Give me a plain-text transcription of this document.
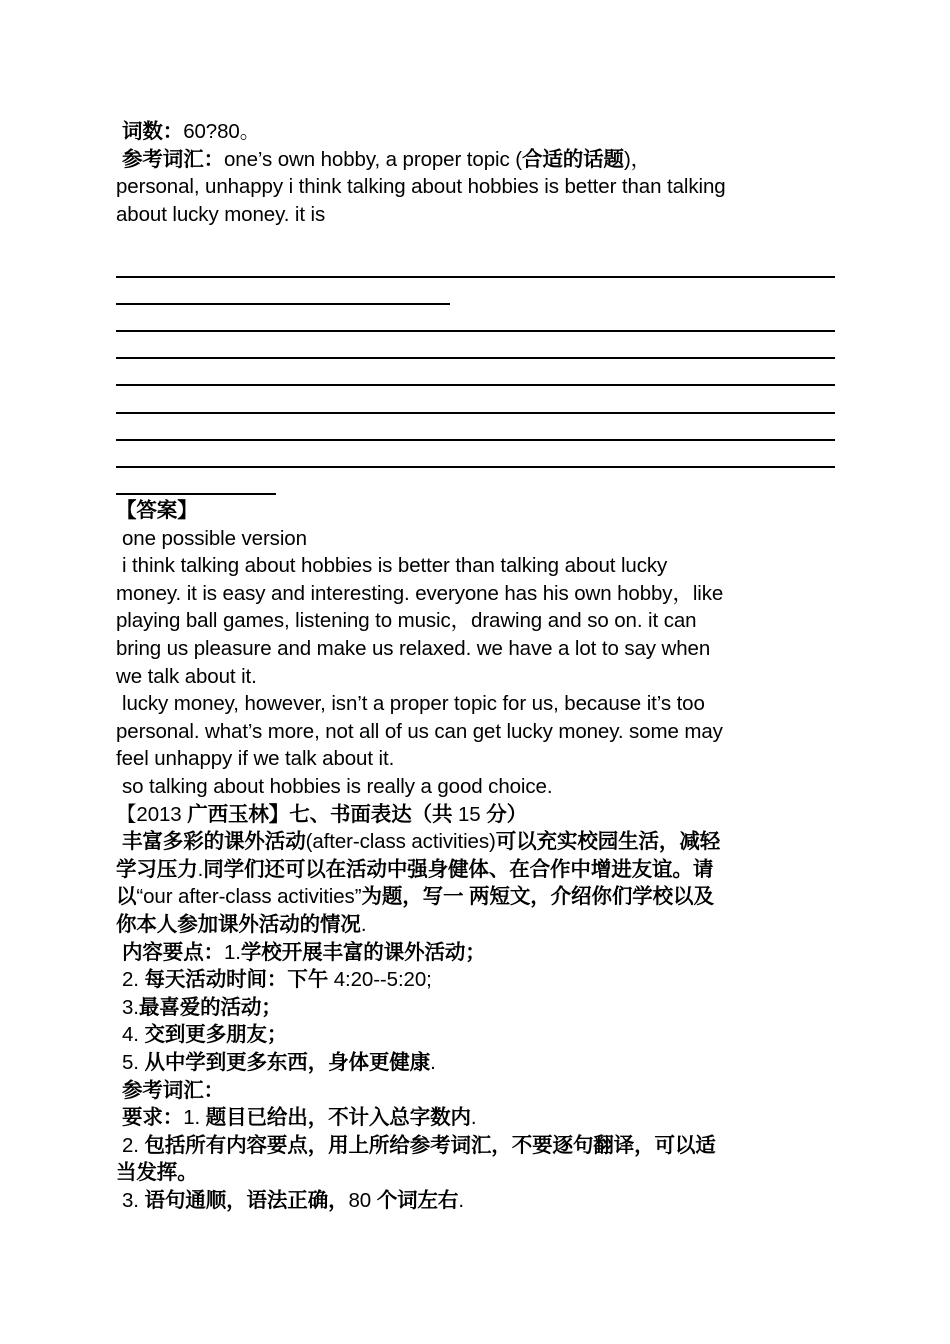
词数：60?80。
参考词汇：one’s own hobby, a proper topic (合适的话题)，
personal, unhappy i think talking about hobbies is better than talking
about lucky money. it is
【答案】
one possible version
i think talking about hobbies is better than talking about lucky
money. it is easy and interesting. everyone has his own hobby，like
playing ball games, listening to music，drawing and so on. it can
bring us pleasure and make us relaxed. we have a lot to say when
we talk about it.
lucky money, however, isn’t a proper topic for us, because it’s too
personal. what’s more, not all of us can get lucky money. some may
feel unhappy if we talk about it.
so talking about hobbies is really a good choice.
【2013 广西玉林】七、书面表达（共 15 分）
丰富多彩的课外活动(after-class activities)可以充实校园生活，减轻
学习压力.同学们还可以在活动中强身健体、在合作中增进友谊。请
以“our after-class activities”为题，写一 两短文，介绍你们学校以及
你本人参加课外活动的情况.
内容要点：1.学校开展丰富的课外活动；
2. 每天活动时间：下午 4:20--5:20;
3.最喜爱的活动；
4. 交到更多朋友；
5. 从中学到更多东西，身体更健康.
参考词汇：
要求：1. 题目已给出，不计入总字数内.
2. 包括所有内容要点，用上所给参考词汇，不要逐句翻译，可以适
当发挥。
3. 语句通顺，语法正确，80 个词左右.
